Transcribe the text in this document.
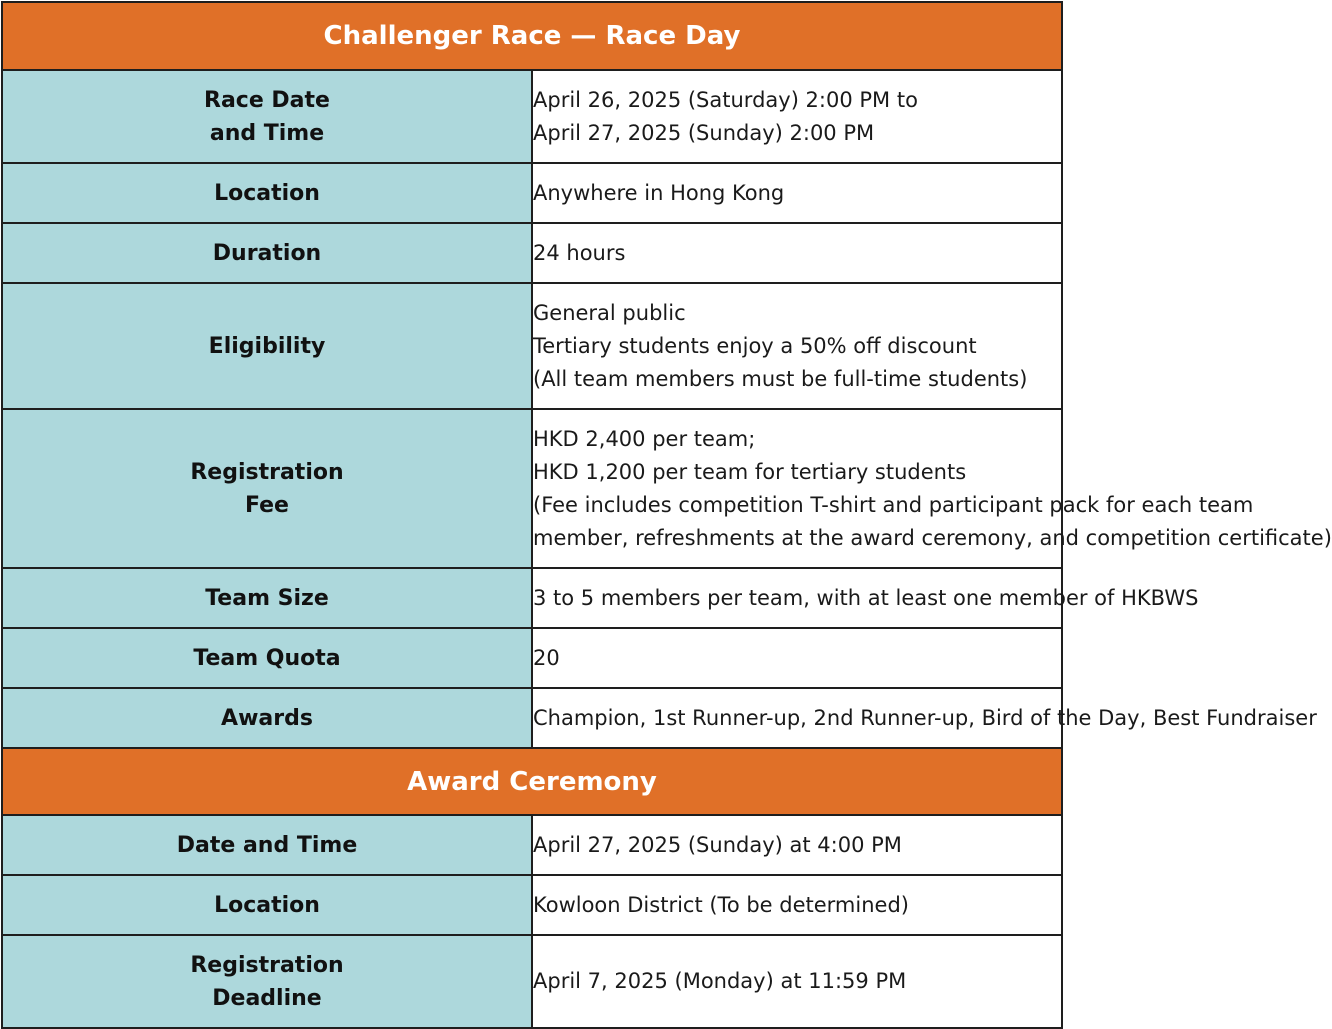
Challenger Race — Race Day	

Race Date
and Time	April 26, 2025 (Saturday) 2:00 PM to
April 27, 2025 (Sunday) 2:00 PM

Location	Anywhere in Hong Kong

Duration	24 hours

Eligibility	General public
Tertiary students enjoy a 50% off discount
(All team members must be full-time students)

Registration
Fee	HKD 2,400 per team;
HKD 1,200 per team for tertiary students
(Fee includes competition T-shirt and participant pack for each team
member, refreshments at the award ceremony, and competition certificate)

Team Size	3 to 5 members per team, with at least one member of HKBWS

Team Quota	20

Awards	Champion, 1st Runner-up, 2nd Runner-up, Bird of the Day, Best Fundraiser

Award Ceremony	

Date and Time	April 27, 2025 (Sunday) at 4:00 PM

Location	Kowloon District (To be determined)

Registration
Deadline	April 7, 2025 (Monday) at 11:59 PM
